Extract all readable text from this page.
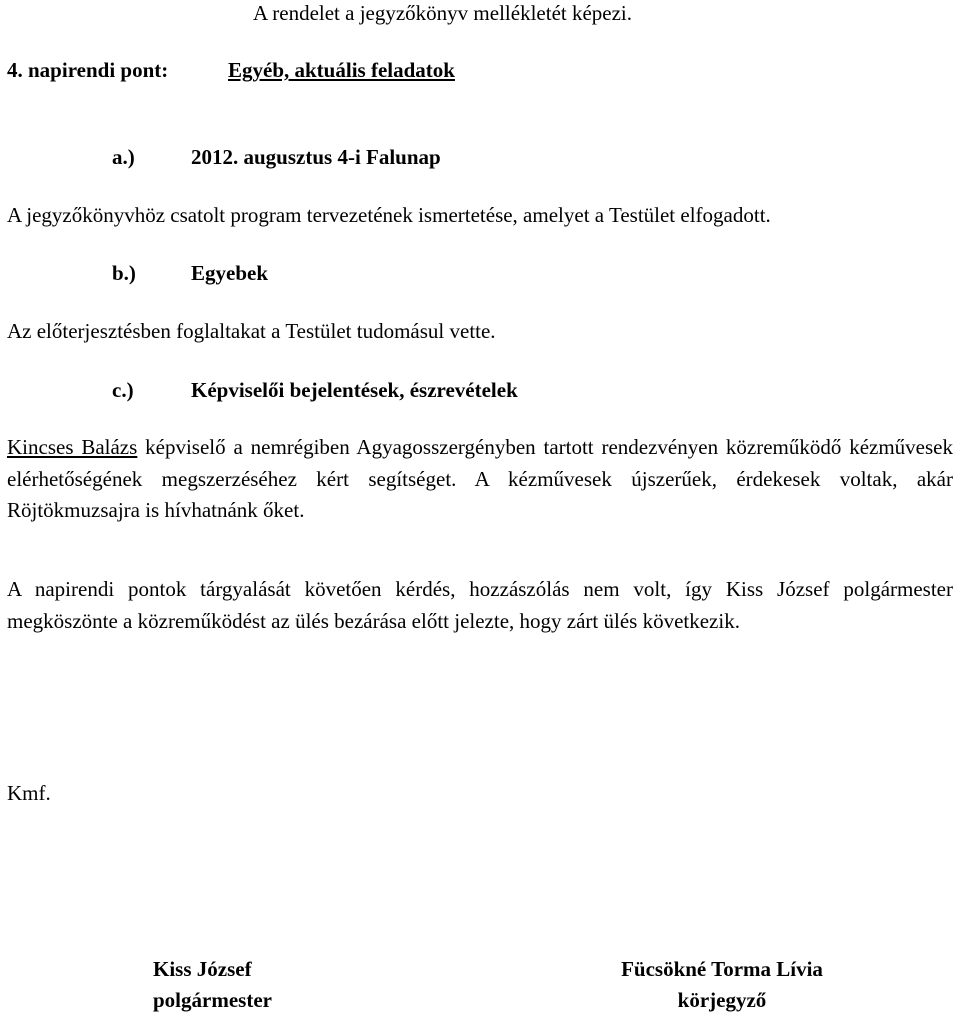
A rendelet a jegyzőkönyv mellékletét képezi.
4. napirendi pont:	Egyéb, aktuális feladatok
a.)	2012. augusztus 4-i Falunap
A jegyzőkönyvhöz csatolt program tervezetének ismertetése, amelyet a Testület elfogadott.
b.)	Egyebek
Az előterjesztésben foglaltakat a Testület tudomásul vette.
c.)	Képviselői bejelentések, észrevételek
Kincses Balázs képviselő a nemrégiben Agyagosszergényben tartott rendezvényen közreműködő kézművesek elérhetőségének megszerzéséhez kért segítséget. A kézművesek újszerűek, érdekesek voltak, akár Röjtökmuzsajra is hívhatnánk őket.
A napirendi pontok tárgyalását követően kérdés, hozzászólás nem volt, így Kiss József polgármester megköszönte a közreműködést az ülés bezárása előtt jelezte, hogy zárt ülés következik.
Kmf.
Kiss József
polgármester
Fücsökné Torma Lívia
körjegyző
